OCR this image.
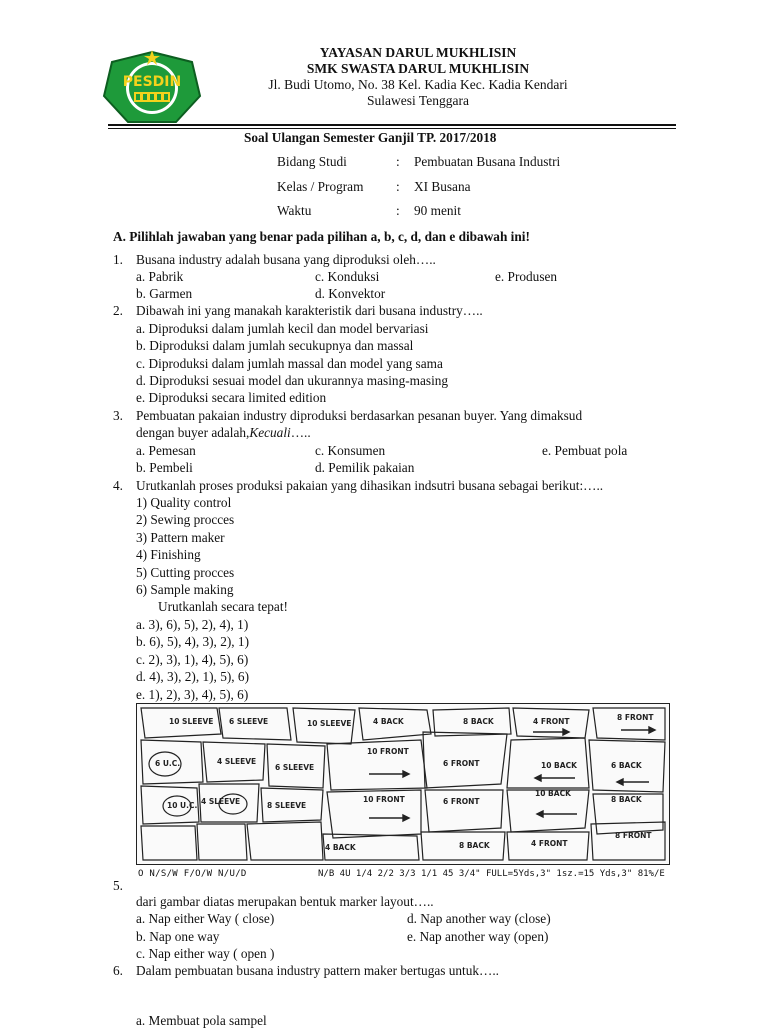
PESDIN
YAYASAN DARUL MUKHLISIN
SMK SWASTA DARUL MUKHLISIN
Jl. Budi Utomo, No. 38 Kel. Kadia Kec. Kadia Kendari
Sulawesi Tenggara
Soal Ulangan Semester Ganjil TP. 2017/2018
Bidang Studi	: Pembuatan Busana Industri
Kelas / Program : XI Busana
Waktu	: 90 menit
A. Pilihlah jawaban yang benar pada pilihan a, b, c, d, dan e dibawah ini!
1. Busana industry adalah busana yang diproduksi oleh…..
a. Pabrik	c. Konduksi	e. Produsen
b. Garmen	d. Konvektor
2. Dibawah ini yang manakah karakteristik dari busana industry…..
a. Diproduksi dalam jumlah kecil dan model bervariasi
b. Diproduksi dalam jumlah secukupnya dan massal
c. Diproduksi dalam jumlah massal dan model yang sama
d. Diproduksi sesuai model dan ukurannya masing-masing
e. Diproduksi secara limited edition
3. Pembuatan pakaian industry diproduksi berdasarkan pesanan buyer. Yang dimaksud
dengan buyer adalah,Kecuali…..
a. Pemesan	c. Konsumen	e. Pembuat pola
b. Pembeli	d. Pemilik pakaian
4. Urutkanlah proses produksi pakaian yang dihasikan indsutri busana sebagai berikut:…..
1) Quality control
2) Sewing procces
3) Pattern maker
4) Finishing
5) Cutting procces
6) Sample making
Urutkanlah secara tepat!
a. 3), 6), 5), 2), 4), 1)
b. 6), 5), 4), 3), 2), 1)
c. 2), 3), 1), 4), 5), 6)
d. 4), 3), 2), 1), 5), 6)
e. 1), 2), 3), 4), 5), 6)
10 SLEEVE 6 SLEEVE	10 SLEEVE	4 BACK	8 BACK	4 FRONT	8 FRONT
10 FRONT
6 FRONT	10 BACK	6 BACK
10 FRONT	6 FRONT
10 BACK
8 BACK
4 SLEEVE
6 SLEEVE
8 SLEEVE
4 BACK	8 BACK	4 FRONT
8 FRONT
4 SLEEVE
6 U.C.
10 U.C.
O N/S/W F/O/W N/U/D	N/B 4U 1/4 2/2 3/3 1/1 45 3/4" FULL=5Yds,3" 1sz.=15 Yds,3" 81%/E
5.
dari gambar diatas merupakan bentuk marker layout…..
a. Nap either Way ( close)	d. Nap another way (close)
b. Nap one way	e. Nap another way (open)
c. Nap either way ( open )
6. Dalam pembuatan busana industry pattern maker bertugas untuk…..
a. Membuat pola sampel
